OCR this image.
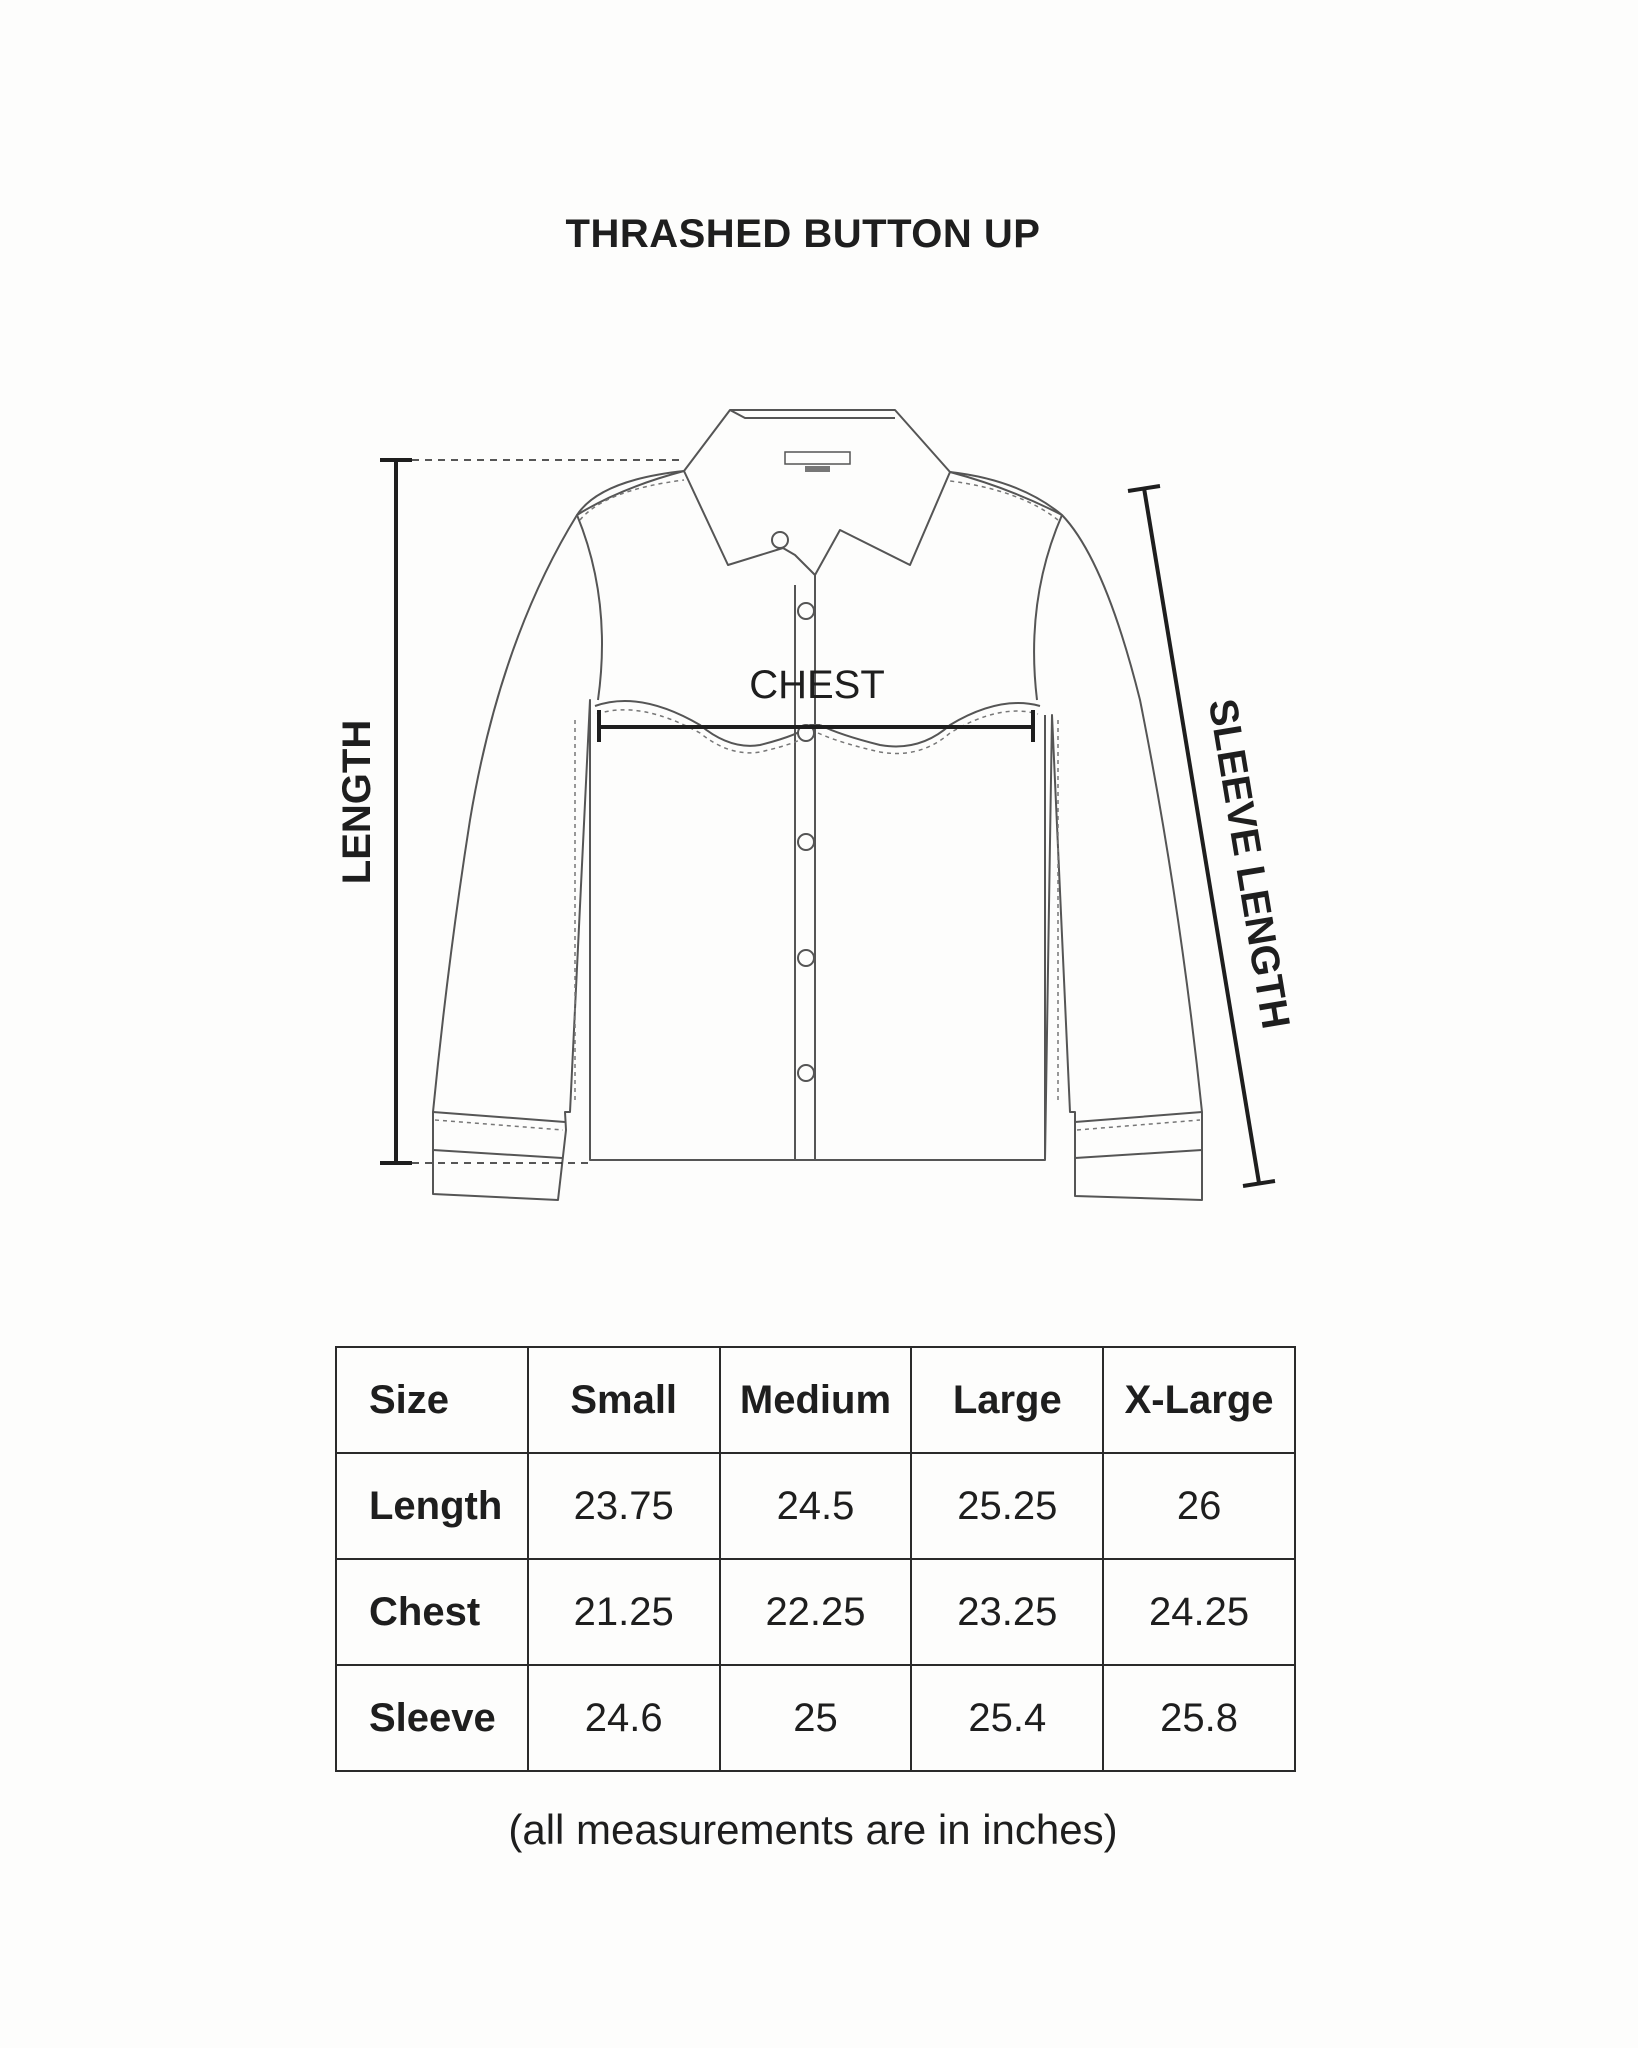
THRASHED BUTTON UP
LENGTH
CHEST
SLEEVE LENGTH
Size	Small	Medium	Large	X-Large
Length	23.75	24.5	25.25	26
Chest	21.25	22.25	23.25	24.25
Sleeve	24.6	25	25.4	25.8
(all measurements are in inches)
